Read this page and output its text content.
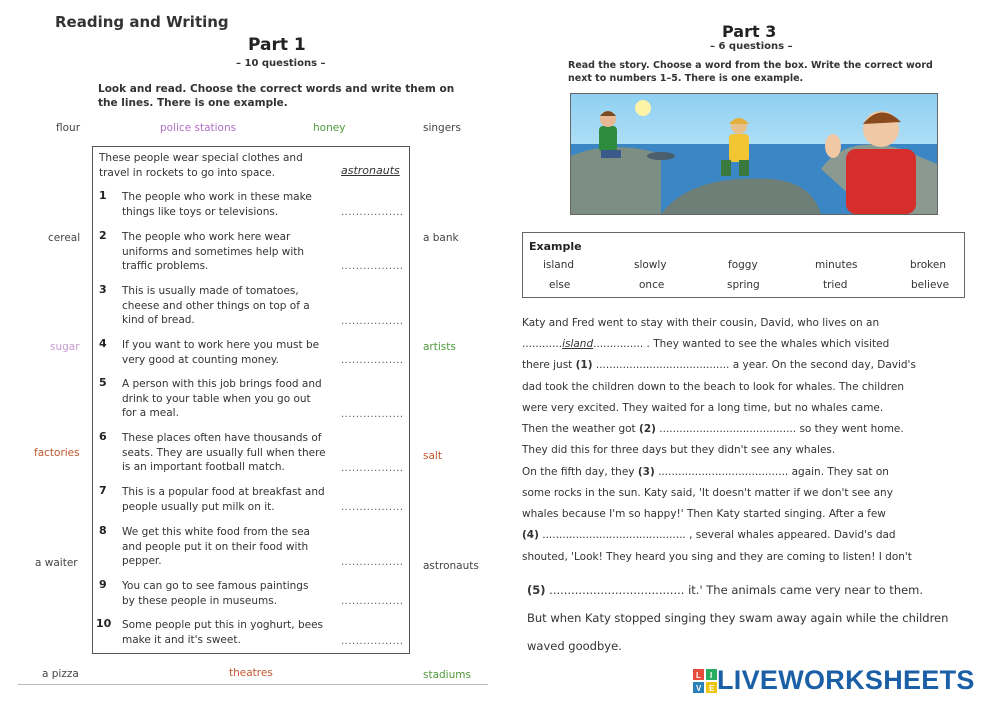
Reading and Writing
Part 1
– 10 questions –
Look and read. Choose the correct words and write them on the lines. There is one example.
flour	police stations	honey	singers
cereal	a bank
sugar	artists
factories	salt
a waiter	astronauts
a pizza	theatres	stadiums
These people wear special clothes and travel in rockets to go into space.	astronauts
1 The people who work in these make things like toys or televisions.	.................
2 The people who work here wear uniforms and sometimes help with traffic problems.	.................
3 This is usually made of tomatoes, cheese and other things on top of a kind of bread.	.................
4 If you want to work here you must be very good at counting money.	.................
5 A person with this job brings food and drink to your table when you go out for a meal.	.................
6 These places often have thousands of seats. They are usually full when there is an important football match.	.................
7 This is a popular food at breakfast and people usually put milk on it.	.................
8 We get this white food from the sea and people put it on their food with pepper.	.................
9 You can go to see famous paintings by these people in museums.	.................
10 Some people put this in yoghurt, bees make it and it's sweet.	.................
Part 3
– 6 questions –
Read the story. Choose a word from the box. Write the correct word next to numbers 1–5. There is one example.
Example
island	slowly	foggy	minutes	broken
else	once	spring	tried	believe
Katy and Fred went to stay with their cousin, David, who lives on an
............island............... . They wanted to see the whales which visited
there just (1) ........................................ a year. On the second day, David's
dad took the children down to the beach to look for whales. The children
were very excited. They waited for a long time, but no whales came.
Then the weather got (2) ......................................... so they went home.
They did this for three days but they didn't see any whales.
On the fifth day, they (3) ....................................... again. They sat on
some rocks in the sun. Katy said, 'It doesn't matter if we don't see any
whales because I'm so happy!' Then Katy started singing. After a few
(4) ........................................... , several whales appeared. David's dad
shouted, 'Look! They heard you sing and they are coming to listen! I don't
(5) ..................................... it.' The animals came very near to them.
But when Katy stopped singing they swam away again while the children
waved goodbye.
L I
V E LIVEWORKSHEETS
